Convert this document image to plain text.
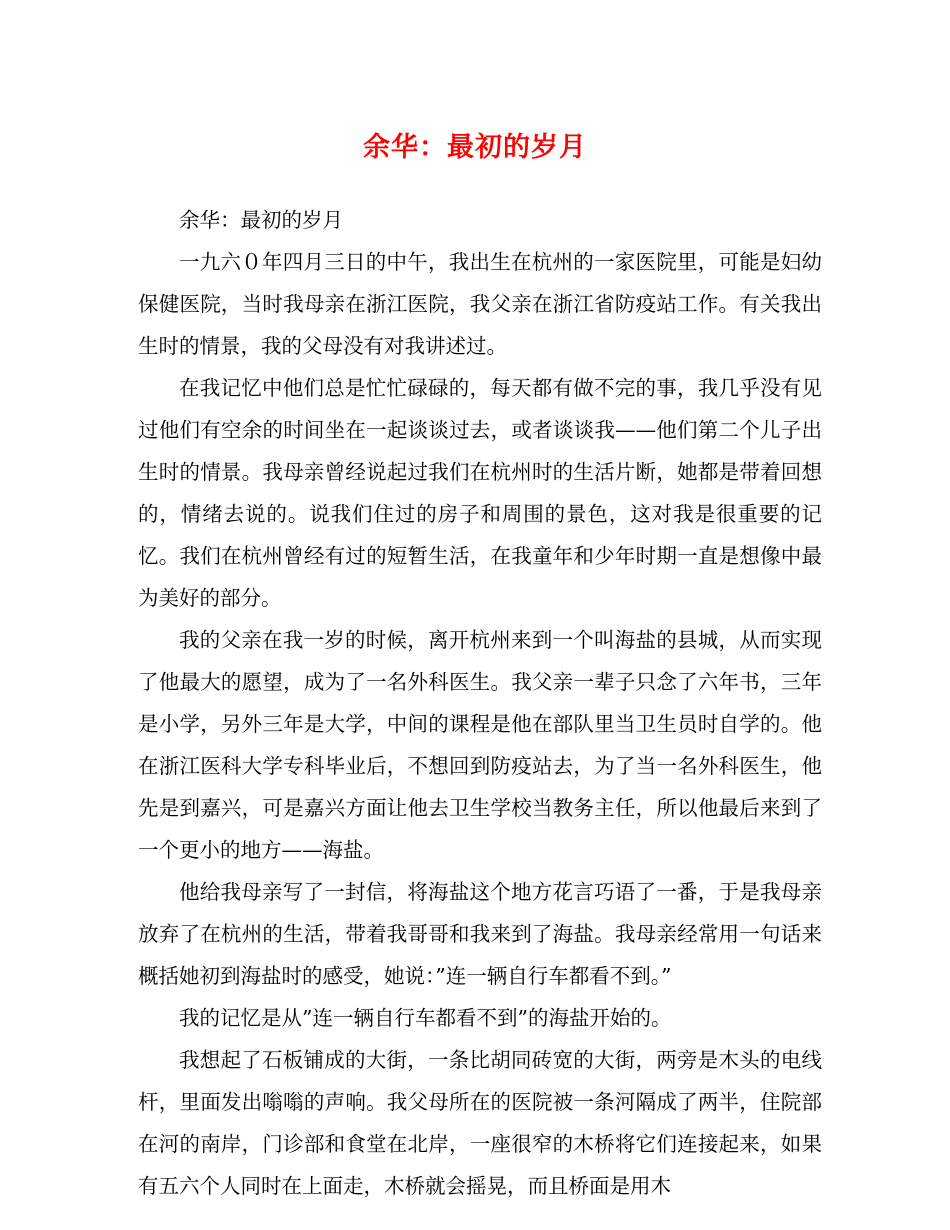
余华：最初的岁月

余华：最初的岁月

一九六０年四月三日的中午，我出生在杭州的一家医院里，可能是妇幼保健医院，当时我母亲在浙江医院，我父亲在浙江省防疫站工作。有关我出生时的情景，我的父母没有对我讲述过。

在我记忆中他们总是忙忙碌碌的，每天都有做不完的事，我几乎没有见过他们有空余的时间坐在一起谈谈过去，或者谈谈我——他们第二个儿子出生时的情景。我母亲曾经说起过我们在杭州时的生活片断，她都是带着回想的，情绪去说的。说我们住过的房子和周围的景色，这对我是很重要的记忆。我们在杭州曾经有过的短暂生活，在我童年和少年时期一直是想像中最为美好的部分。

我的父亲在我一岁的时候，离开杭州来到一个叫海盐的县城，从而实现了他最大的愿望，成为了一名外科医生。我父亲一辈子只念了六年书，三年是小学，另外三年是大学，中间的课程是他在部队里当卫生员时自学的。他在浙江医科大学专科毕业后，不想回到防疫站去，为了当一名外科医生，他先是到嘉兴，可是嘉兴方面让他去卫生学校当教务主任，所以他最后来到了一个更小的地方——海盐。

他给我母亲写了一封信，将海盐这个地方花言巧语了一番，于是我母亲放弃了在杭州的生活，带着我哥哥和我来到了海盐。我母亲经常用一句话来概括她初到海盐时的感受，她说：”连一辆自行车都看不到。”

我的记忆是从”连一辆自行车都看不到”的海盐开始的。

我想起了石板铺成的大街，一条比胡同砖宽的大街，两旁是木头的电线杆，里面发出嗡嗡的声响。我父母所在的医院被一条河隔成了两半，住院部在河的南岸，门诊部和食堂在北岸，一座很窄的木桥将它们连接起来，如果有五六个人同时在上面走，木桥就会摇晃，而且桥面是用木
